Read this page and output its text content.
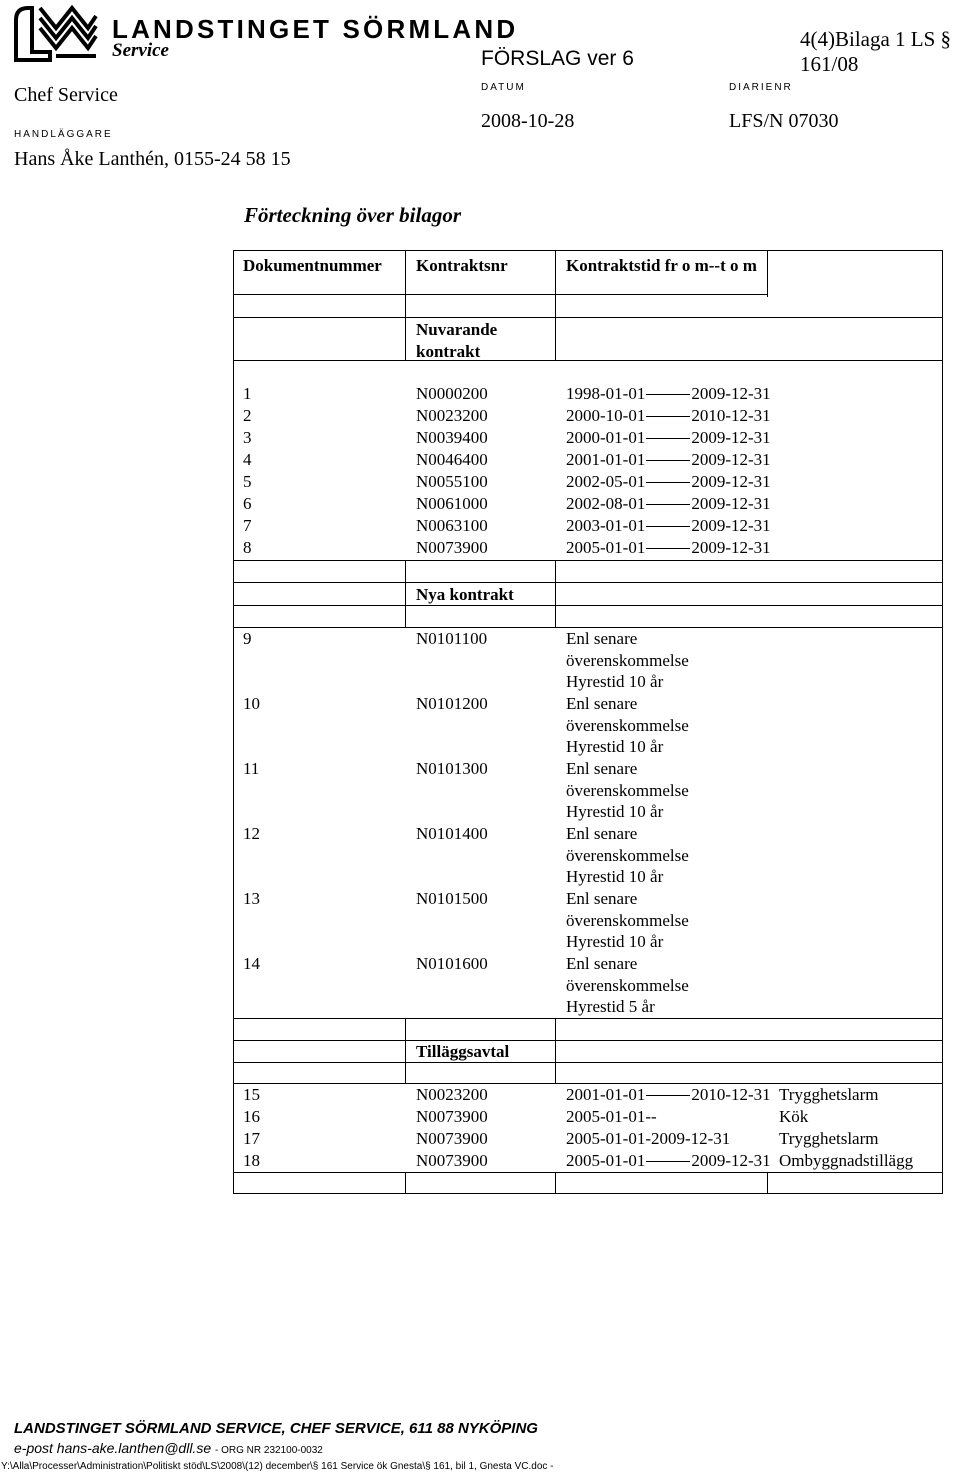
LANDSTINGET SÖRMLAND
Service
Chef Service
HANDLÄGGARE
Hans Åke Lanthén, 0155-24 58 15
FÖRSLAG ver 6
DATUM
2008-10-28
DIARIENR
LFS/N 07030
4(4)Bilaga 1 LS § 161/08
Förteckning över bilagor
Dokumentnummer Kontraktsnr	Kontraktstid fr o m--t o m
Nuvarande kontrakt
1	N0000200	1998-01-01	2009-12-31
2	N0023200	2000-10-01	2010-12-31
3	N0039400	2000-01-01	2009-12-31
4	N0046400	2001-01-01	2009-12-31
5	N0055100	2002-05-01	2009-12-31
6	N0061000	2002-08-01	2009-12-31
7	N0063100	2003-01-01	2009-12-31
8	N0073900	2005-01-01	2009-12-31
Nya kontrakt
9	N0101100	Enl senare
överenskommelse
Hyrestid 10 år
10	N0101200	Enl senare
överenskommelse
Hyrestid 10 år
11	N0101300	Enl senare
överenskommelse
Hyrestid 10 år
12	N0101400	Enl senare
överenskommelse
Hyrestid 10 år
13	N0101500	Enl senare
överenskommelse
Hyrestid 10 år
14	N0101600	Enl senare
överenskommelse
Hyrestid 5 år
Tilläggsavtal
15	N0023200	2001-01-01	2010-12-31 Trygghetslarm
16	N0073900	2005-01-01--	Kök
17	N0073900	2005-01-01-2009-12-31	Trygghetslarm
18	N0073900	2005-01-01	2009-12-31 Ombyggnadstillägg
LANDSTINGET SÖRMLAND SERVICE, CHEF SERVICE, 611 88 NYKÖPING
e-post hans-ake.lanthen@dll.se - ORG NR 232100-0032
Y:\Alla\Processer\Administration\Politiskt stöd\LS\2008\(12) december\§ 161 Service ök Gnesta\§ 161, bil 1, Gnesta VC.doc -
